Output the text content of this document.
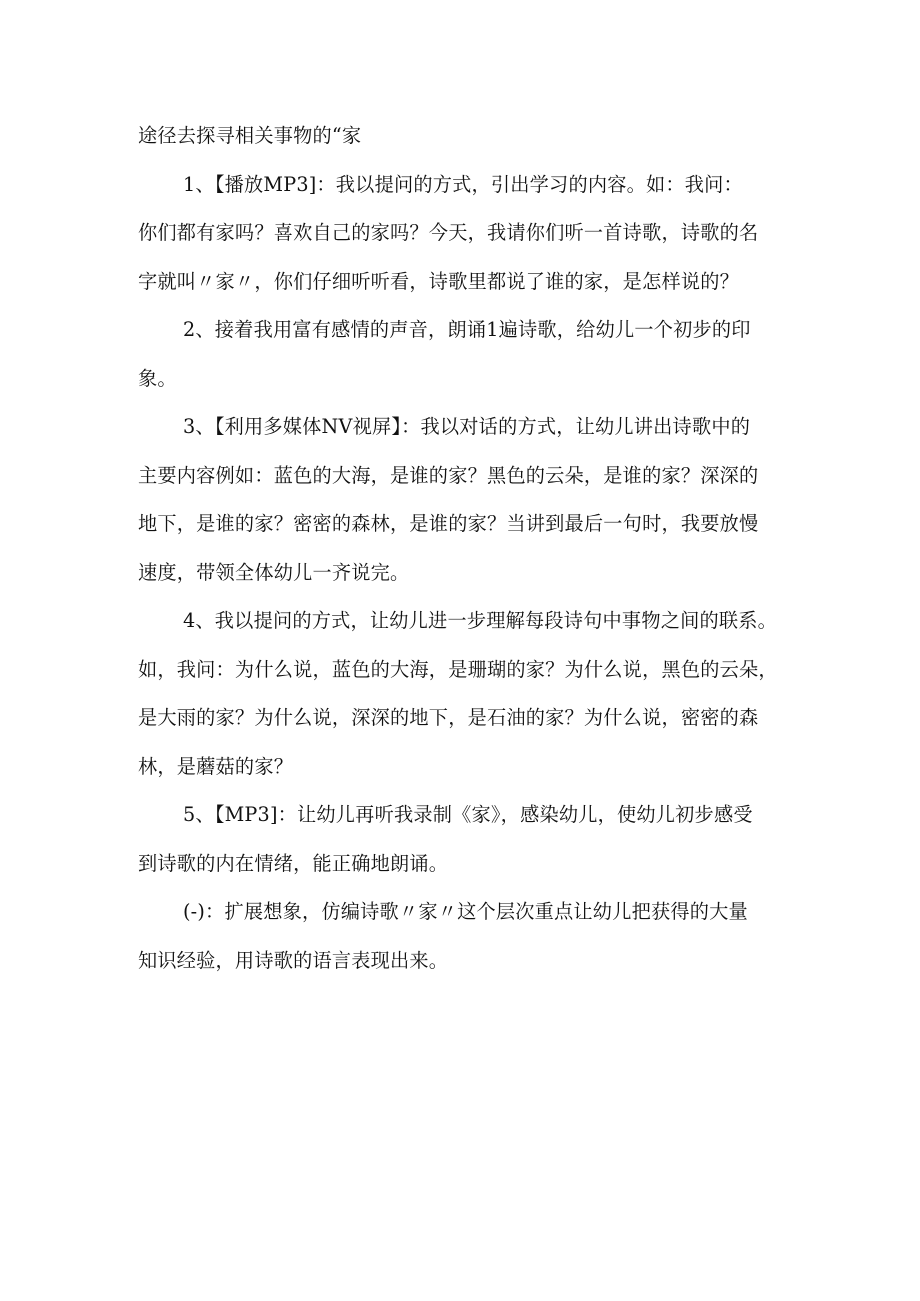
途径去探寻相关事物的“家
1、【播放MP3]：我以提问的方式，引出学习的内容。如：我问：
你们都有家吗？喜欢自己的家吗？今天，我请你们听一首诗歌，诗歌的名
字就叫〃家〃，你们仔细听听看，诗歌里都说了谁的家，是怎样说的？
2、接着我用富有感情的声音，朗诵1遍诗歌，给幼儿一个初步的印
象。
3、【利用多媒体NV视屏】：我以对话的方式，让幼儿讲出诗歌中的
主要内容例如：蓝色的大海，是谁的家？黑色的云朵，是谁的家？深深的
地下，是谁的家？密密的森林，是谁的家？当讲到最后一句时，我要放慢
速度，带领全体幼儿一齐说完。
4、我以提问的方式，让幼儿进一步理解每段诗句中事物之间的联系。
如，我问：为什么说，蓝色的大海，是珊瑚的家？为什么说，黑色的云朵，
是大雨的家？为什么说，深深的地下，是石油的家？为什么说，密密的森
林，是蘑菇的家？
5、【MP3]：让幼儿再听我录制《家》，感染幼儿，使幼儿初步感受
到诗歌的内在情绪，能正确地朗诵。
(-)：扩展想象，仿编诗歌〃家〃这个层次重点让幼儿把获得的大量
知识经验，用诗歌的语言表现出来。
